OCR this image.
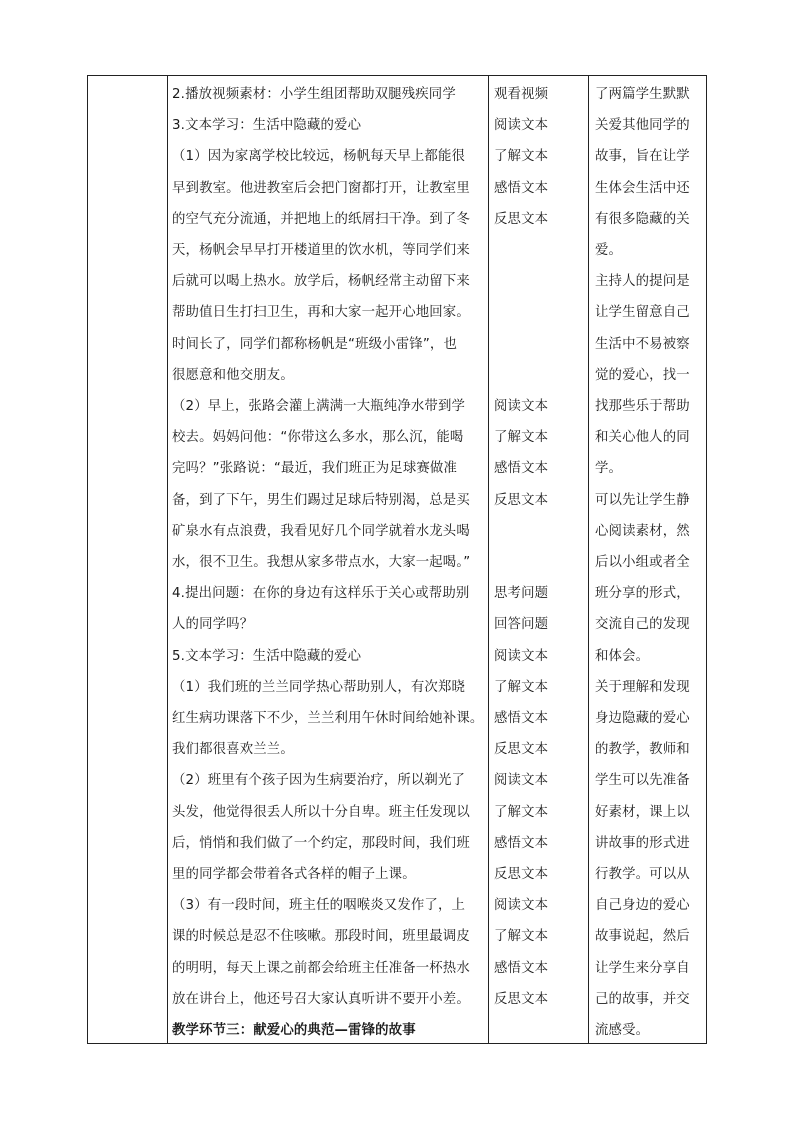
2.播放视频素材：小学生组团帮助双腿残疾同学

3.文本学习：生活中隐藏的爱心

（1）因为家离学校比较远，杨帆每天早上都能很

早到教室。他进教室后会把门窗都打开，让教室里

的空气充分流通，并把地上的纸屑扫干净。到了冬

天，杨帆会早早打开楼道里的饮水机，等同学们来

后就可以喝上热水。放学后，杨帆经常主动留下来

帮助值日生打扫卫生，再和大家一起开心地回家。

时间长了，同学们都称杨帆是“班级小雷锋”，也

很愿意和他交朋友。

（2）早上，张路会灌上满满一大瓶纯净水带到学

校去。妈妈问他：“你带这么多水，那么沉，能喝

完吗？”张路说：“最近，我们班正为足球赛做准

备，到了下午，男生们踢过足球后特别渴，总是买

矿泉水有点浪费，我看见好几个同学就着水龙头喝

水，很不卫生。我想从家多带点水，大家一起喝。”

4.提出问题：在你的身边有这样乐于关心或帮助别

人的同学吗？

5.文本学习：生活中隐藏的爱心

（1）我们班的兰兰同学热心帮助别人，有次郑晓

红生病功课落下不少，兰兰利用午休时间给她补课。

我们都很喜欢兰兰。

（2）班里有个孩子因为生病要治疗，所以剃光了

头发，他觉得很丢人所以十分自卑。班主任发现以

后，悄悄和我们做了一个约定，那段时间，我们班

里的同学都会带着各式各样的帽子上课。

（3）有一段时间，班主任的咽喉炎又发作了，上

课的时候总是忍不住咳嗽。那段时间，班里最调皮

的明明，每天上课之前都会给班主任准备一杯热水

放在讲台上，他还号召大家认真听讲不要开小差。

教学环节三：献爱心的典范—雷锋的故事

观看视频

阅读文本

了解文本

感悟文本

反思文本

阅读文本

了解文本

感悟文本

反思文本

思考问题

回答问题

阅读文本

了解文本

感悟文本

反思文本

阅读文本

了解文本

感悟文本

反思文本

阅读文本

了解文本

感悟文本

反思文本

了两篇学生默默

关爱其他同学的

故事，旨在让学

生体会生活中还

有很多隐藏的关

爱。

主持人的提问是

让学生留意自己

生活中不易被察

觉的爱心，找一

找那些乐于帮助

和关心他人的同

学。

可以先让学生静

心阅读素材，然

后以小组或者全

班分享的形式，

交流自己的发现

和体会。

关于理解和发现

身边隐藏的爱心

的教学，教师和

学生可以先准备

好素材，课上以

讲故事的形式进

行教学。可以从

自己身边的爱心

故事说起，然后

让学生来分享自

己的故事，并交

流感受。
